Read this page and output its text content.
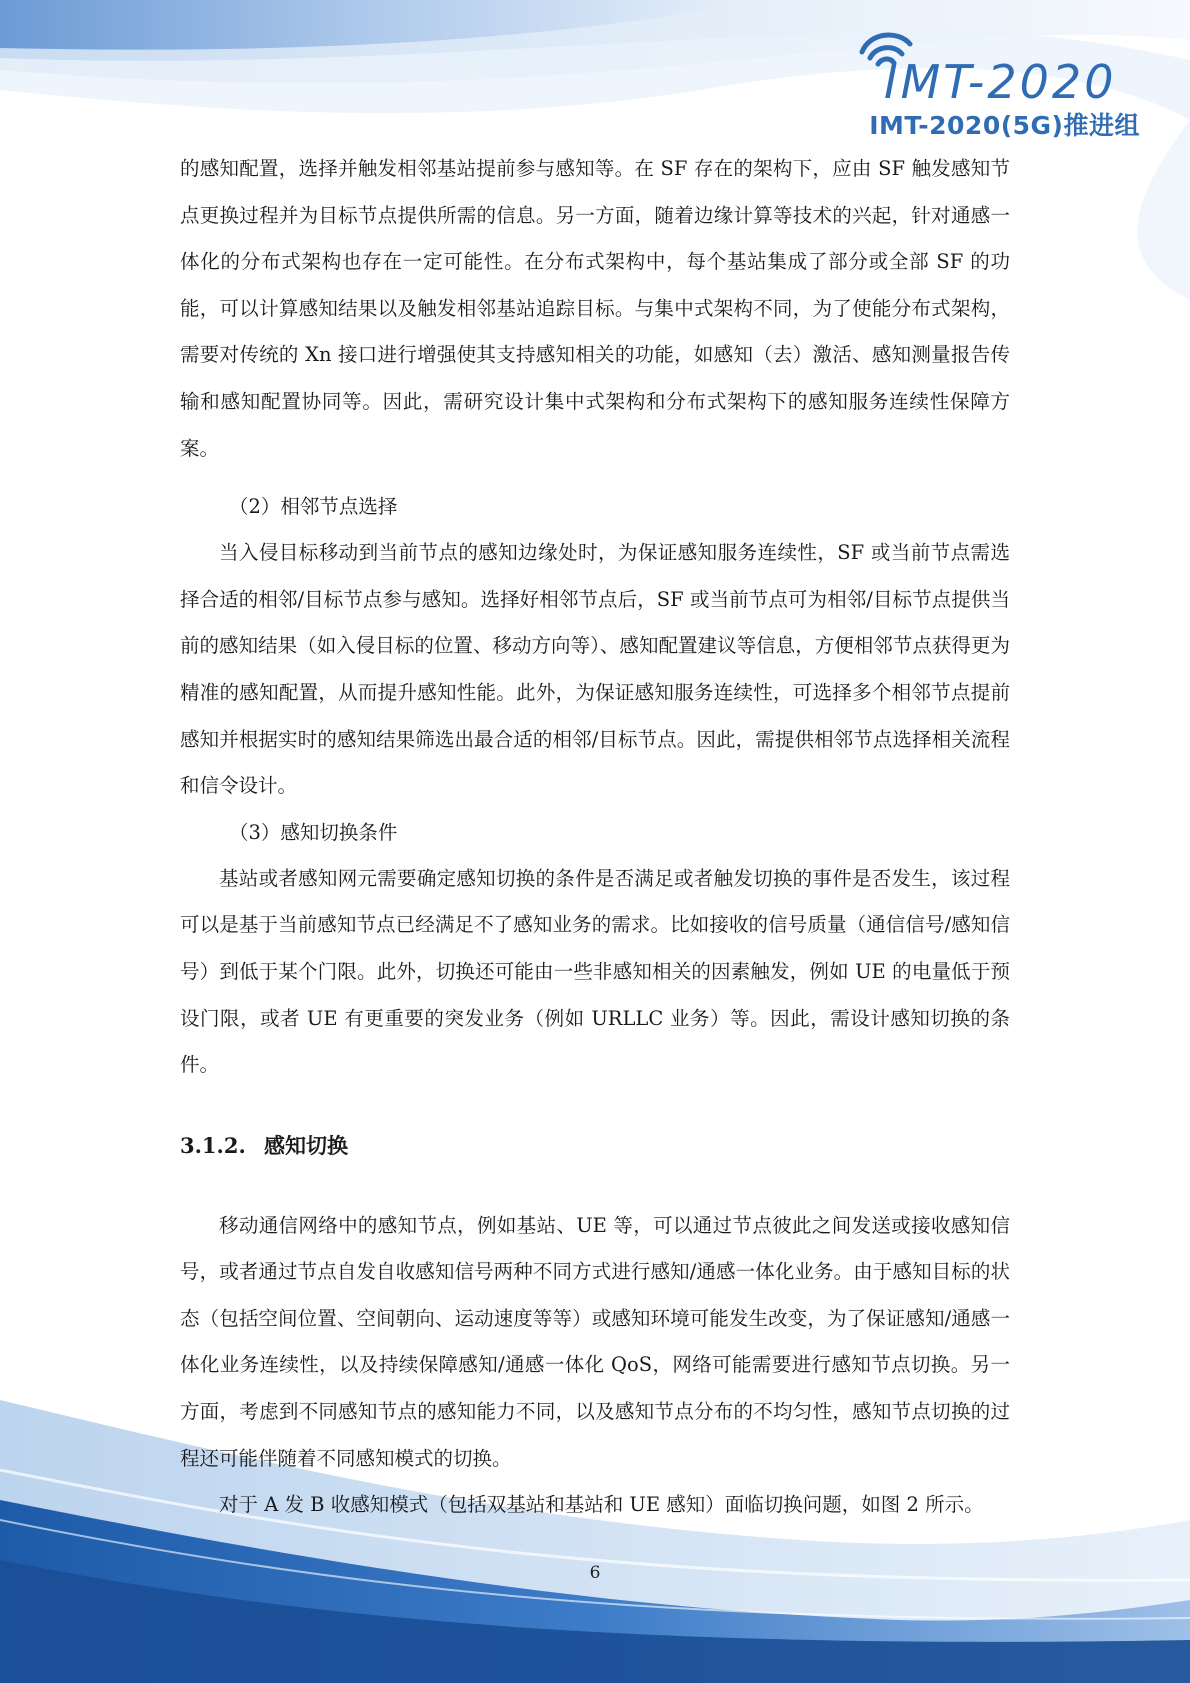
IMT-2020
IMT-2020(5G)推进组

的感知配置，选择并触发相邻基站提前参与感知等。在 SF 存在的架构下，应由 SF 触发感知节点更换过程并为目标节点提供所需的信息。另一方面，随着边缘计算等技术的兴起，针对通感一体化的分布式架构也存在一定可能性。在分布式架构中，每个基站集成了部分或全部 SF 的功能，可以计算感知结果以及触发相邻基站追踪目标。与集中式架构不同，为了使能分布式架构，需要对传统的 Xn 接口进行增强使其支持感知相关的功能，如感知（去）激活、感知测量报告传输和感知配置协同等。因此，需研究设计集中式架构和分布式架构下的感知服务连续性保障方案。

（2）相邻节点选择

当入侵目标移动到当前节点的感知边缘处时，为保证感知服务连续性，SF 或当前节点需选择合适的相邻/目标节点参与感知。选择好相邻节点后，SF 或当前节点可为相邻/目标节点提供当前的感知结果（如入侵目标的位置、移动方向等）、感知配置建议等信息，方便相邻节点获得更为精准的感知配置，从而提升感知性能。此外，为保证感知服务连续性，可选择多个相邻节点提前感知并根据实时的感知结果筛选出最合适的相邻/目标节点。因此，需提供相邻节点选择相关流程和信令设计。

（3）感知切换条件

基站或者感知网元需要确定感知切换的条件是否满足或者触发切换的事件是否发生，该过程可以是基于当前感知节点已经满足不了感知业务的需求。比如接收的信号质量（通信信号/感知信号）到低于某个门限。此外，切换还可能由一些非感知相关的因素触发，例如 UE 的电量低于预设门限，或者 UE 有更重要的突发业务（例如 URLLC 业务）等。因此，需设计感知切换的条件。

3.1.2. 感知切换

移动通信网络中的感知节点，例如基站、UE 等，可以通过节点彼此之间发送或接收感知信号，或者通过节点自发自收感知信号两种不同方式进行感知/通感一体化业务。由于感知目标的状态（包括空间位置、空间朝向、运动速度等等）或感知环境可能发生改变，为了保证感知/通感一体化业务连续性，以及持续保障感知/通感一体化 QoS，网络可能需要进行感知节点切换。另一方面，考虑到不同感知节点的感知能力不同，以及感知节点分布的不均匀性，感知节点切换的过程还可能伴随着不同感知模式的切换。

对于 A 发 B 收感知模式（包括双基站和基站和 UE 感知）面临切换问题，如图 2 所示。

6
